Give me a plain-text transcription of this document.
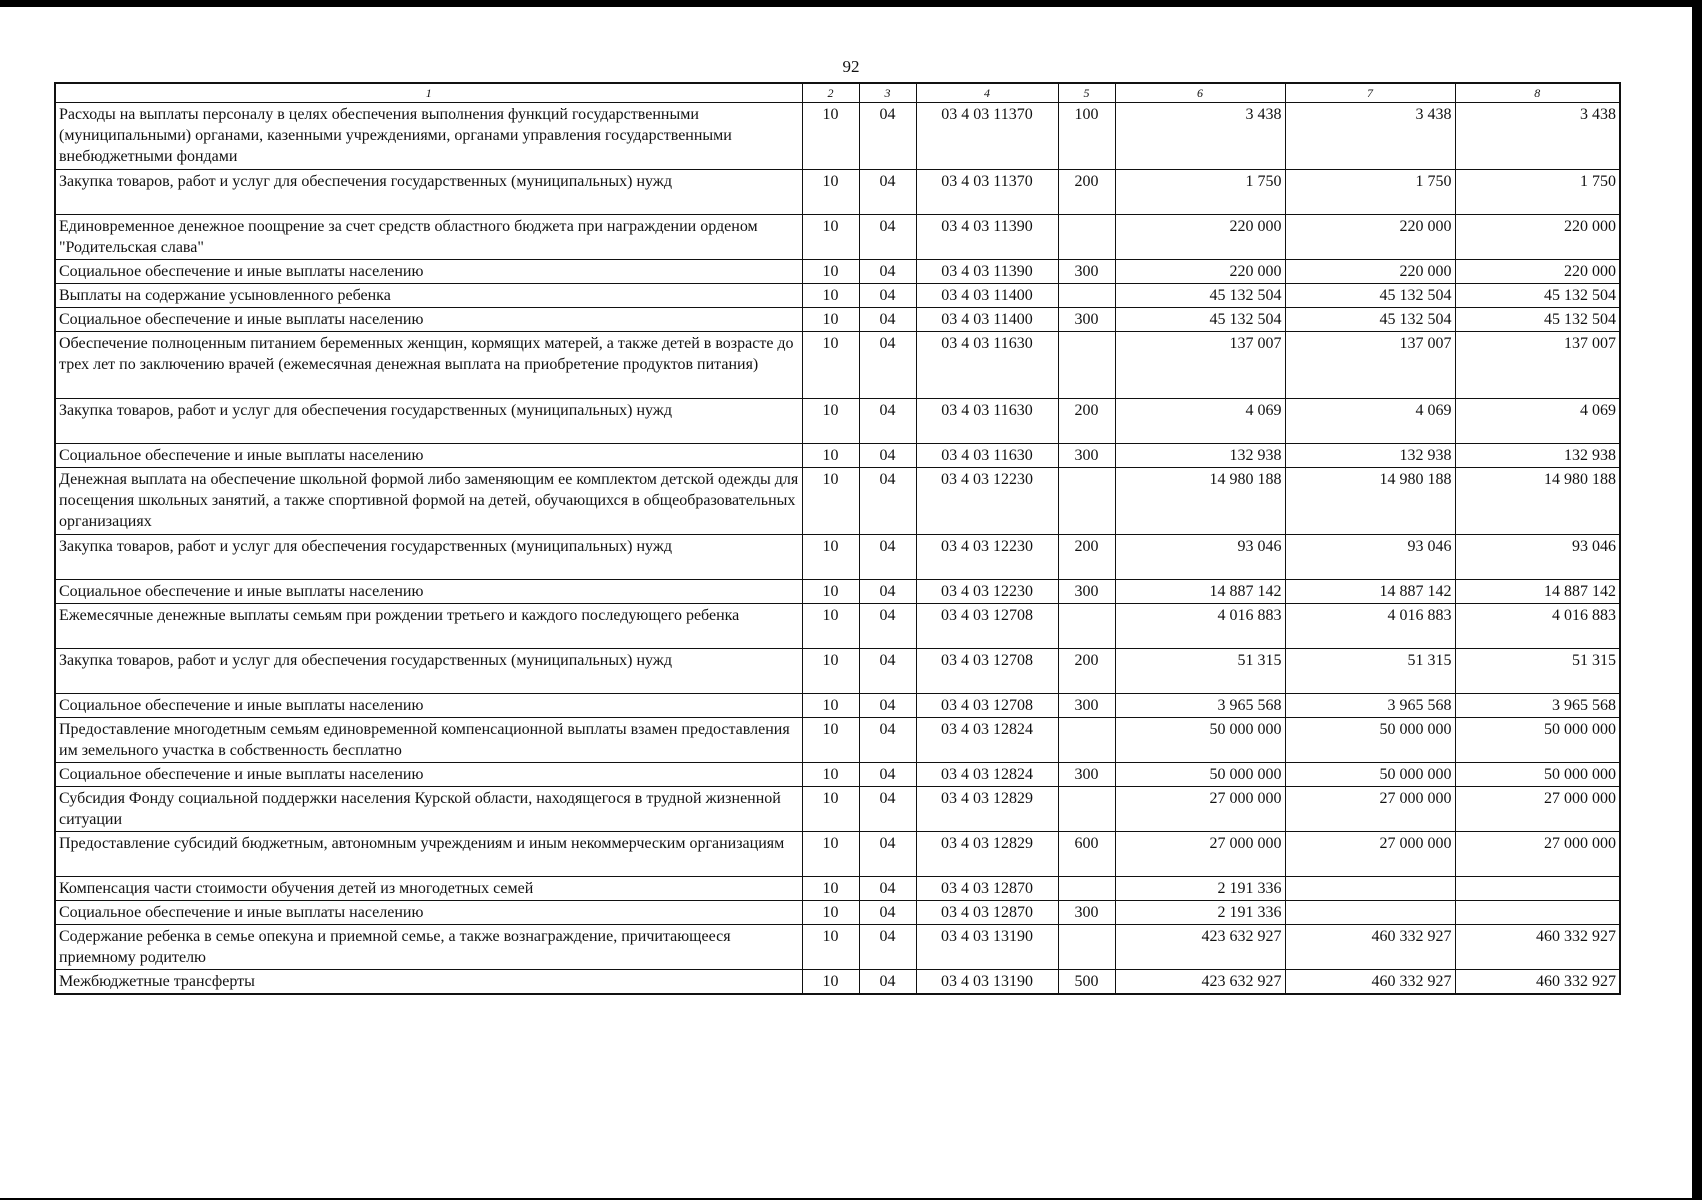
92
1	2	3	4	5	6	7	8
Расходы на выплаты персоналу в целях обеспечения выполнения функций государственными (муниципальными) органами, казенными учреждениями, органами управления государственными внебюджетными фондами	10	04	03 4 03 11370	100	3 438	3 438	3 438
Закупка товаров, работ и услуг для обеспечения государственных (муниципальных) нужд	10	04	03 4 03 11370	200	1 750	1 750	1 750
Единовременное денежное поощрение за счет средств областного бюджета при награждении орденом "Родительская слава"	10	04	03 4 03 11390		220 000	220 000	220 000
Социальное обеспечение и иные выплаты населению	10	04	03 4 03 11390	300	220 000	220 000	220 000
Выплаты на содержание усыновленного ребенка	10	04	03 4 03 11400		45 132 504	45 132 504	45 132 504
Социальное обеспечение и иные выплаты населению	10	04	03 4 03 11400	300	45 132 504	45 132 504	45 132 504
Обеспечение полноценным питанием беременных женщин, кормящих матерей, а также детей в возрасте до трех лет по заключению врачей (ежемесячная денежная выплата на приобретение продуктов питания)	10	04	03 4 03 11630		137 007	137 007	137 007
Закупка товаров, работ и услуг для обеспечения государственных (муниципальных) нужд	10	04	03 4 03 11630	200	4 069	4 069	4 069
Социальное обеспечение и иные выплаты населению	10	04	03 4 03 11630	300	132 938	132 938	132 938
Денежная выплата на обеспечение школьной формой либо заменяющим ее комплектом детской одежды для посещения школьных занятий, а также спортивной формой на детей, обучающихся в общеобразовательных организациях	10	04	03 4 03 12230		14 980 188	14 980 188	14 980 188
Закупка товаров, работ и услуг для обеспечения государственных (муниципальных) нужд	10	04	03 4 03 12230	200	93 046	93 046	93 046
Социальное обеспечение и иные выплаты населению	10	04	03 4 03 12230	300	14 887 142	14 887 142	14 887 142
Ежемесячные денежные выплаты семьям при рождении третьего и каждого последующего ребенка	10	04	03 4 03 12708		4 016 883	4 016 883	4 016 883
Закупка товаров, работ и услуг для обеспечения государственных (муниципальных) нужд	10	04	03 4 03 12708	200	51 315	51 315	51 315
Социальное обеспечение и иные выплаты населению	10	04	03 4 03 12708	300	3 965 568	3 965 568	3 965 568
Предоставление многодетным семьям единовременной компенсационной выплаты взамен предоставления им земельного участка в собственность бесплатно	10	04	03 4 03 12824		50 000 000	50 000 000	50 000 000
Социальное обеспечение и иные выплаты населению	10	04	03 4 03 12824	300	50 000 000	50 000 000	50 000 000
Субсидия Фонду социальной поддержки населения Курской области, находящегося в трудной жизненной ситуации	10	04	03 4 03 12829		27 000 000	27 000 000	27 000 000
Предоставление субсидий бюджетным, автономным учреждениям и иным некоммерческим организациям	10	04	03 4 03 12829	600	27 000 000	27 000 000	27 000 000
Компенсация части стоимости обучения детей из многодетных семей	10	04	03 4 03 12870		2 191 336		
Социальное обеспечение и иные выплаты населению	10	04	03 4 03 12870	300	2 191 336		
Содержание ребенка в семье опекуна и приемной семье, а также вознаграждение, причитающееся приемному родителю	10	04	03 4 03 13190		423 632 927	460 332 927	460 332 927
Межбюджетные трансферты	10	04	03 4 03 13190	500	423 632 927	460 332 927	460 332 927
